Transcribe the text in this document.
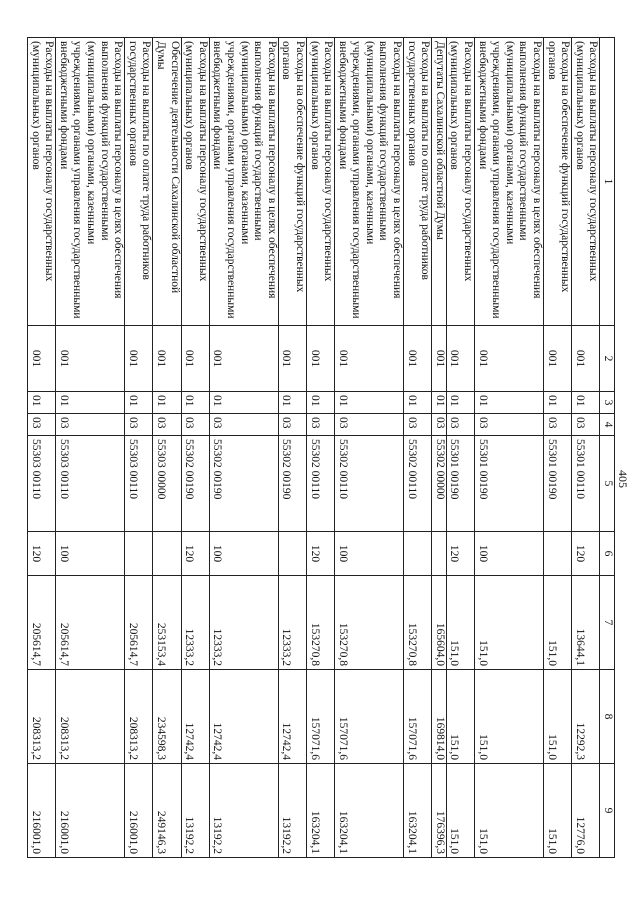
405
1	2	3	4	5	6	7	8	9
Расходы на выплаты персоналу государственных (муниципальных) органов	001	01	03	55301 00110	120	13644,1	12292,3	12776,0
Расходы на обеспечение функций государственных органов	001	01	03	55301 00190		151,0	151,0	151,0
Расходы на выплаты персоналу в целях обеспечения выполнения функций государственными (муниципальными) органами, казенными учреждениями, органами управления государственными внебюджетными фондами	001	01	03	55301 00190	100	151,0	151,0	151,0
Расходы на выплаты персоналу государственных (муниципальных) органов	001	01	03	55301 00190	120	151,0	151,0	151,0
Депутаты Сахалинской областной Думы	001	01	03	55302 00000		165604,0	169814,0	176396,3
Расходы на выплаты по оплате труда работников государственных органов	001	01	03	55302 00110		153270,8	157071,6	163204,1
Расходы на выплаты персоналу в целях обеспечения выполнения функций государственными (муниципальными) органами, казенными учреждениями, органами управления государственными внебюджетными фондами	001	01	03	55302 00110	100	153270,8	157071,6	163204,1
Расходы на выплаты персоналу государственных (муниципальных) органов	001	01	03	55302 00110	120	153270,8	157071,6	163204,1
Расходы на обеспечение функций государственных органов	001	01	03	55302 00190		12333,2	12742,4	13192,2
Расходы на выплаты персоналу в целях обеспечения выполнения функций государственными (муниципальными) органами, казенными учреждениями, органами управления государственными внебюджетными фондами	001	01	03	55302 00190	100	12333,2	12742,4	13192,2
Расходы на выплаты персоналу государственных (муниципальных) органов	001	01	03	55302 00190	120	12333,2	12742,4	13192,2
Обеспечение деятельности Сахалинской областной Думы	001	01	03	55303 00000		253153,4	234598,3	249146,3
Расходы на выплаты по оплате труда работников государственных органов	001	01	03	55303 00110		205614,7	208313,2	216001,0
Расходы на выплаты персоналу в целях обеспечения выполнения функций государственными (муниципальными) органами, казенными учреждениями, органами управления государственными внебюджетными фондами	001	01	03	55303 00110	100	205614,7	208313,2	216001,0
Расходы на выплаты персоналу государственных (муниципальных) органов	001	01	03	55303 00110	120	205614,7	208313,2	216001,0
